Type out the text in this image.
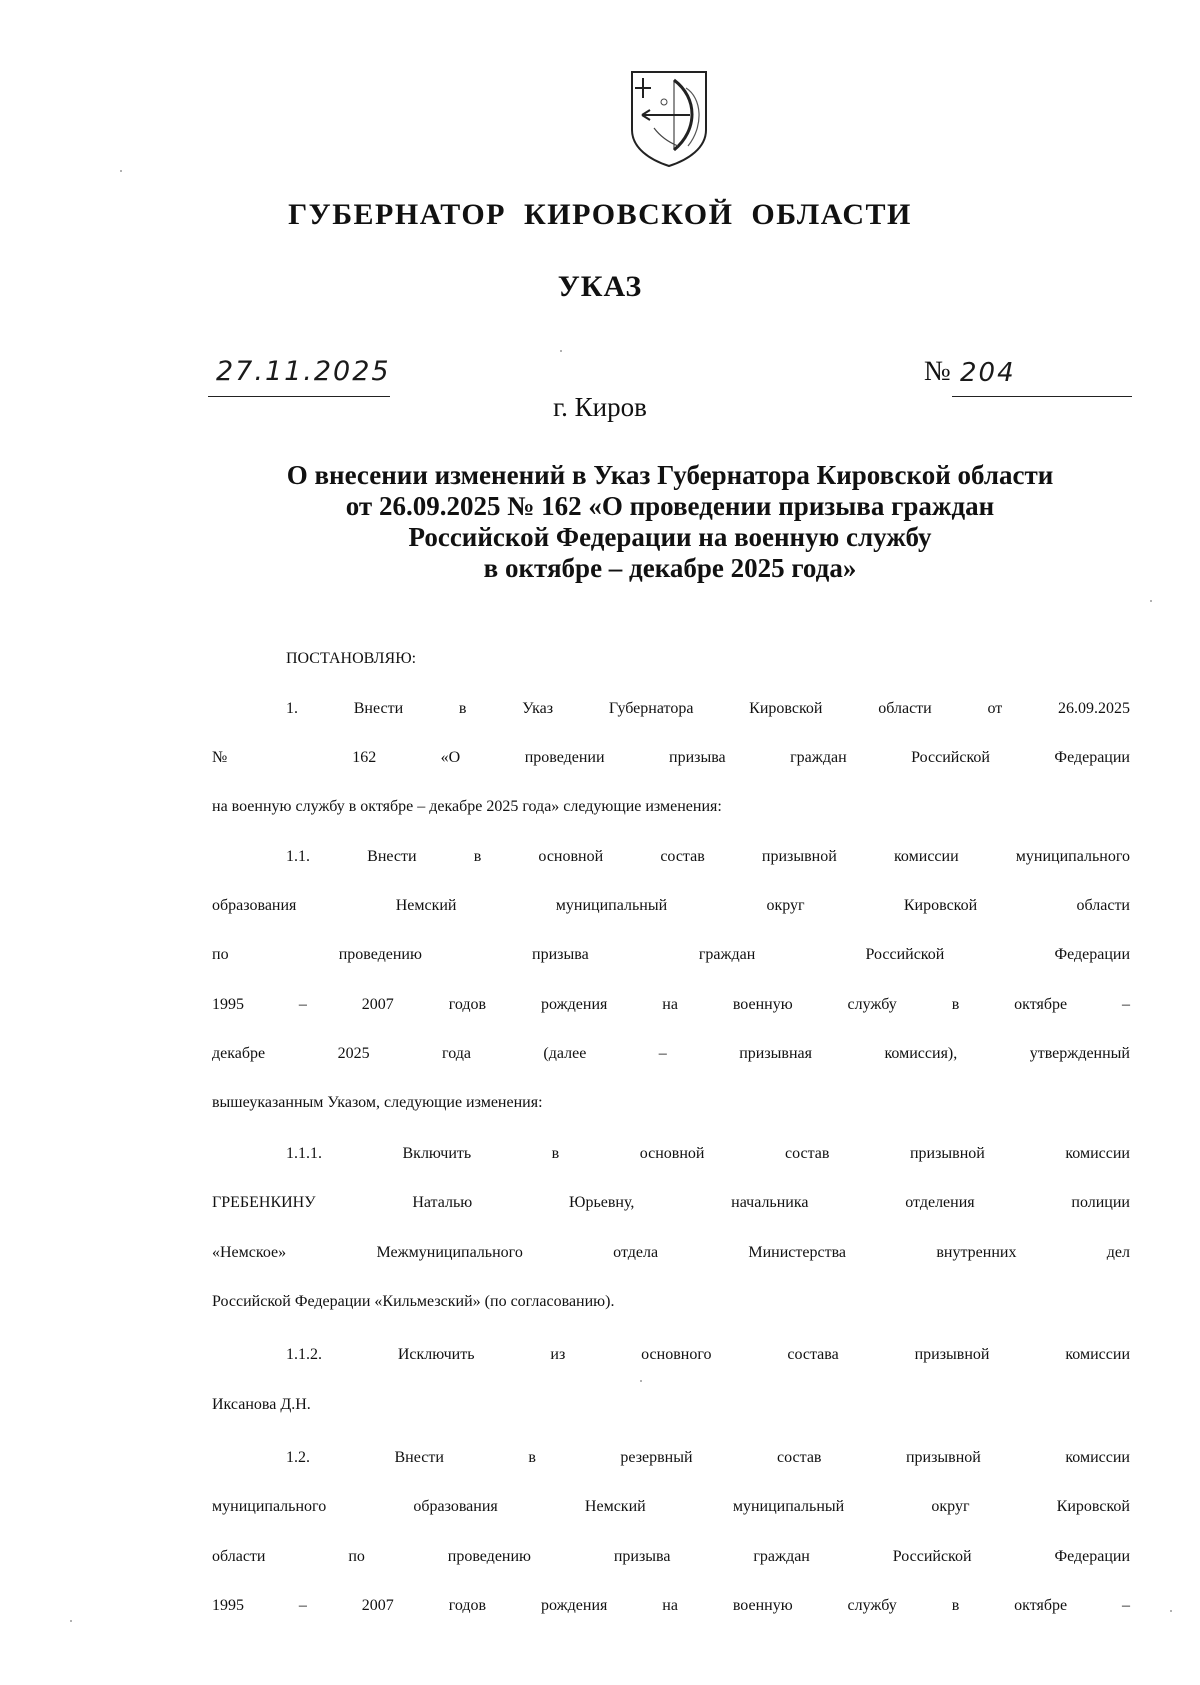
ГУБЕРНАТОР  КИРОВСКОЙ  ОБЛАСТИ
УКАЗ
27.11.2025	№ 204
г. Киров
О внесении изменений в Указ Губернатора Кировской области
от 26.09.2025 № 162 «О проведении призыва граждан
Российской Федерации на военную службу
в октябре – декабре 2025 года»
ПОСТАНОВЛЯЮ:
1. Внести в Указ Губернатора Кировской области от 26.09.2025
№ 162 «О проведении призыва граждан Российской Федерации
на военную службу в октябре – декабре 2025 года» следующие изменения:
1.1. Внести в основной состав призывной комиссии муниципального
образования Немский муниципальный округ Кировской области
по проведению призыва граждан Российской Федерации
1995 – 2007 годов рождения на военную службу в октябре –
декабре 2025 года (далее – призывная комиссия), утвержденный
вышеуказанным Указом, следующие изменения:
1.1.1. Включить в основной состав призывной комиссии
ГРЕБЕНКИНУ Наталью Юрьевну, начальника отделения полиции
«Немское» Межмуниципального отдела Министерства внутренних дел
Российской Федерации «Кильмезский» (по согласованию).
1.1.2. Исключить из основного состава призывной комиссии
Иксанова Д.Н.
1.2. Внести в резервный состав призывной комиссии
муниципального образования Немский муниципальный округ Кировской
области по проведению призыва граждан Российской Федерации
1995 – 2007 годов рождения на военную службу в октябре –
